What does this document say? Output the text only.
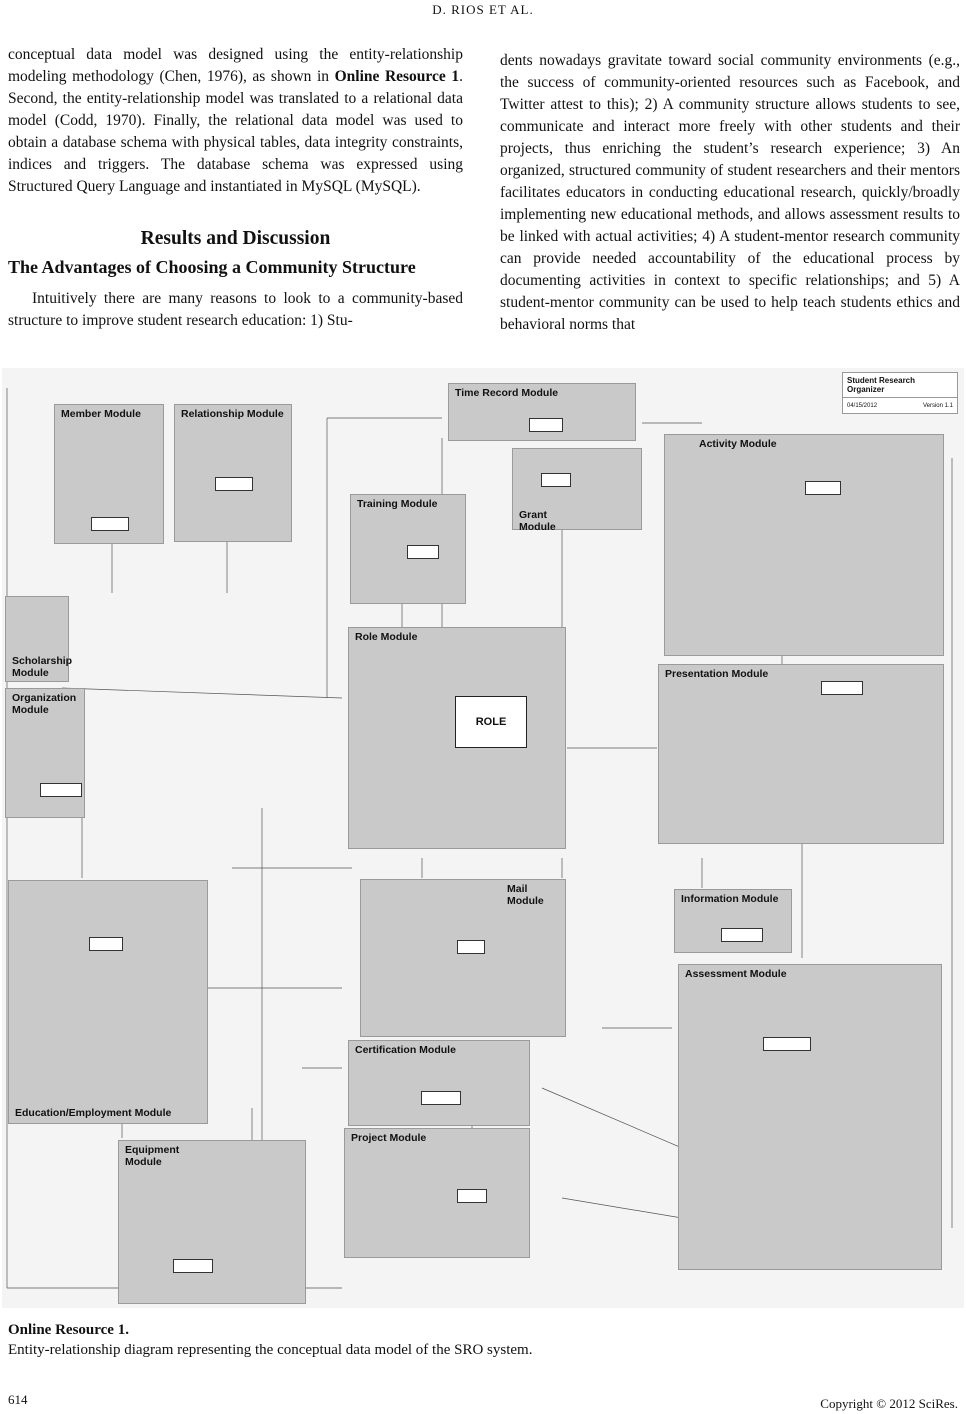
D. RIOS ET AL.

conceptual data model was designed using the entity-relationship modeling methodology (Chen, 1976), as shown in Online Resource 1. Second, the entity-relationship model was translated to a relational data model (Codd, 1970). Finally, the relational data model was used to obtain a database schema with physical tables, data integrity constraints, indices and triggers. The database schema was expressed using Structured Query Language and instantiated in MySQL (MySQL).

Results and Discussion
The Advantages of Choosing a Community Structure

Intuitively there are many reasons to look to a community-based structure to improve student research education: 1) Stu-

dents nowadays gravitate toward social community environments (e.g., the success of community-oriented resources such as Facebook, and Twitter attest to this); 2) A community structure allows students to see, communicate and interact more freely with other students and their projects, thus enriching the student’s research experience; 3) An organized, structured community of student researchers and their mentors facilitates educators in conducting educational research, quickly/broadly implementing new educational methods, and allows assessment results to be linked with actual activities; 4) A student-mentor research community can provide needed accountability of the educational process by documenting activities in context to specific relationships; and 5) A student-mentor community can be used to help teach students ethics and behavioral norms that

Student Research Organizer
04/15/2012	Version 1.1
Member Module	Relationship Module
Time Record Module
Grant
Module
Training Module
Activity Module
Scholarship
Module
Organization
Module
Role Module
ROLE
Presentation Module
Mail Module	Information Module
Education/Employment Module
Certification Module
Assessment Module
Project Module
Equipment
Module
Online Resource 1.
Entity-relationship diagram representing the conceptual data model of the SRO system.
614	Copyright © 2012 SciRes.
